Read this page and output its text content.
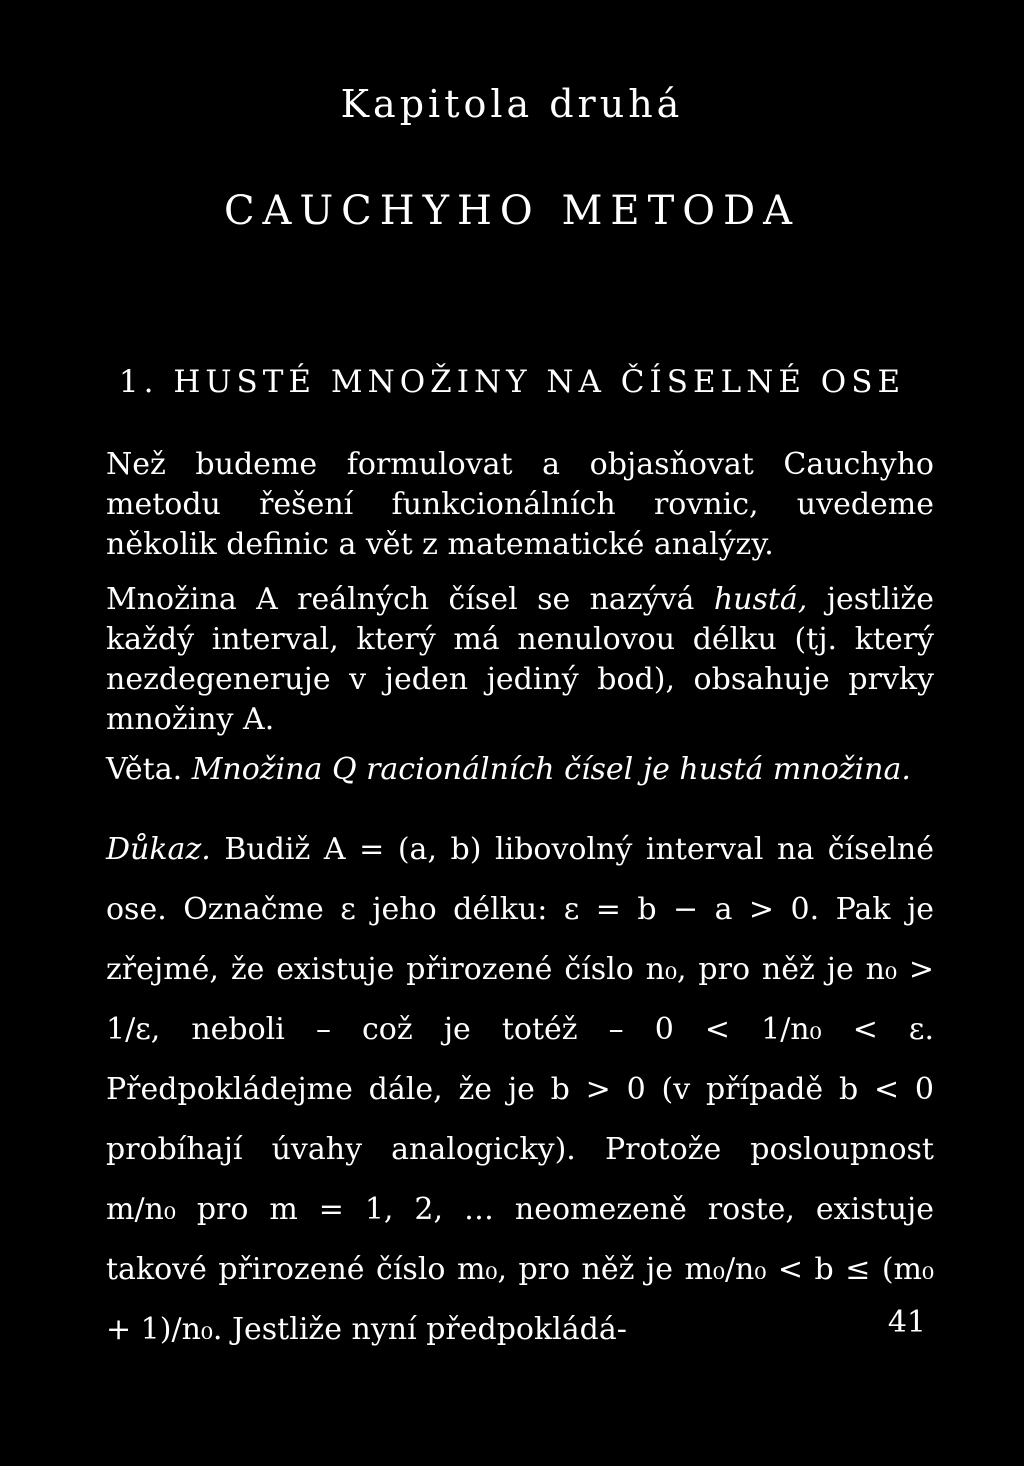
Kapitola druhá
CAUCHYHO METODA
1. HUSTÉ MNOŽINY NA ČÍSELNÉ OSE

Než budeme formulovat a objasňovat Cauchyho metodu řešení funkcionálních rovnic, uvedeme několik definic a vět z matematické analýzy.

Množina A reálných čísel se nazývá hustá, jestliže každý interval, který má nenulovou délku (tj. který nezdegeneruje v jeden jediný bod), obsahuje prvky množiny A.

Věta. Množina Q racionálních čísel je hustá množina.

Důkaz. Budiž A = (a, b) libovolný interval na číselné ose. Označme ε jeho délku: ε = b − a > 0. Pak je zřejmé, že existuje přirozené číslo n₀, pro něž je n₀ > 1/ε, neboli – což je totéž – 0 < 1/n₀ < ε. Předpokládejme dále, že je b > 0 (v případě b < 0 probíhají úvahy analogicky). Protože posloupnost m/n₀ pro m = 1, 2, … neomezeně roste, existuje takové přirozené číslo m₀, pro něž je m₀/n₀ < b ≤ (m₀ + 1)/n₀. Jestliže nyní předpokládá-	41
